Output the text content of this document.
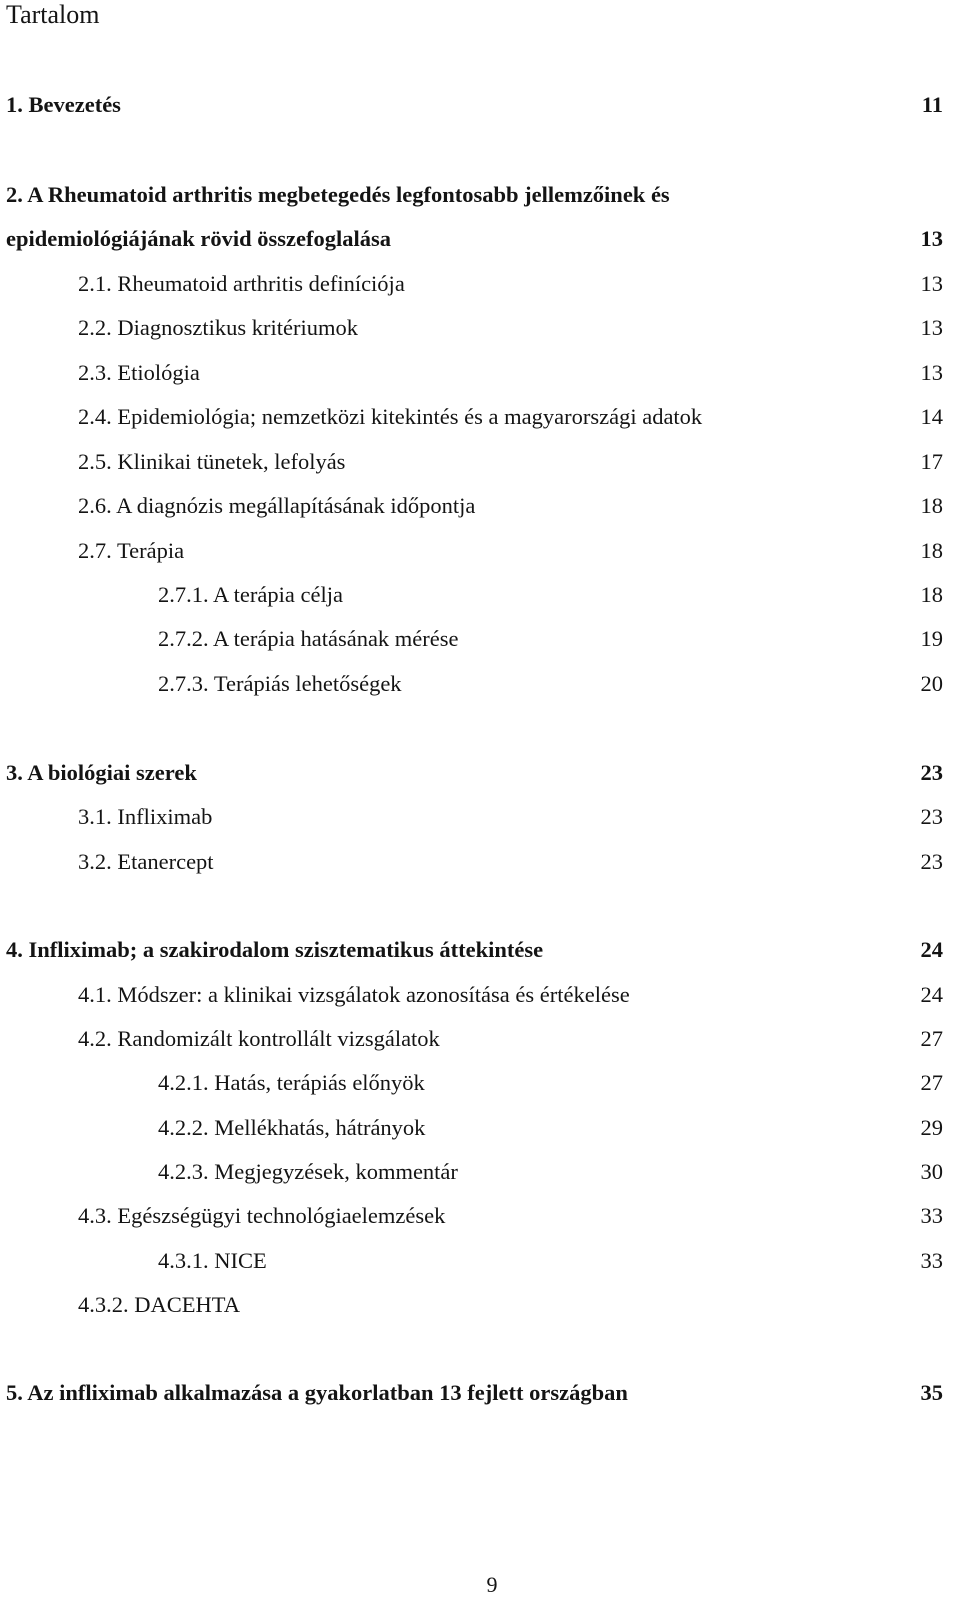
Tartalom
1. Bevezetés	11
2. A Rheumatoid arthritis megbetegedés legfontosabb jellemzőinek és
epidemiológiájának rövid összefoglalása	13
2.1. Rheumatoid arthritis definíciója	13
2.2. Diagnosztikus kritériumok	13
2.3. Etiológia	13
2.4. Epidemiológia; nemzetközi kitekintés és a magyarországi adatok	14
2.5. Klinikai tünetek, lefolyás	17
2.6. A diagnózis megállapításának időpontja	18
2.7. Terápia	18
2.7.1. A terápia célja	18
2.7.2. A terápia hatásának mérése	19
2.7.3. Terápiás lehetőségek	20
3. A biológiai szerek	23
3.1. Infliximab	23
3.2. Etanercept	23
4. Infliximab; a szakirodalom szisztematikus áttekintése	24
4.1. Módszer: a klinikai vizsgálatok azonosítása és értékelése	24
4.2. Randomizált kontrollált vizsgálatok	27
4.2.1. Hatás, terápiás előnyök	27
4.2.2. Mellékhatás, hátrányok	29
4.2.3. Megjegyzések, kommentár	30
4.3. Egészségügyi technológiaelemzések	33
4.3.1. NICE	33
4.3.2. DACEHTA
5. Az infliximab alkalmazása a gyakorlatban 13 fejlett országban	35
9
